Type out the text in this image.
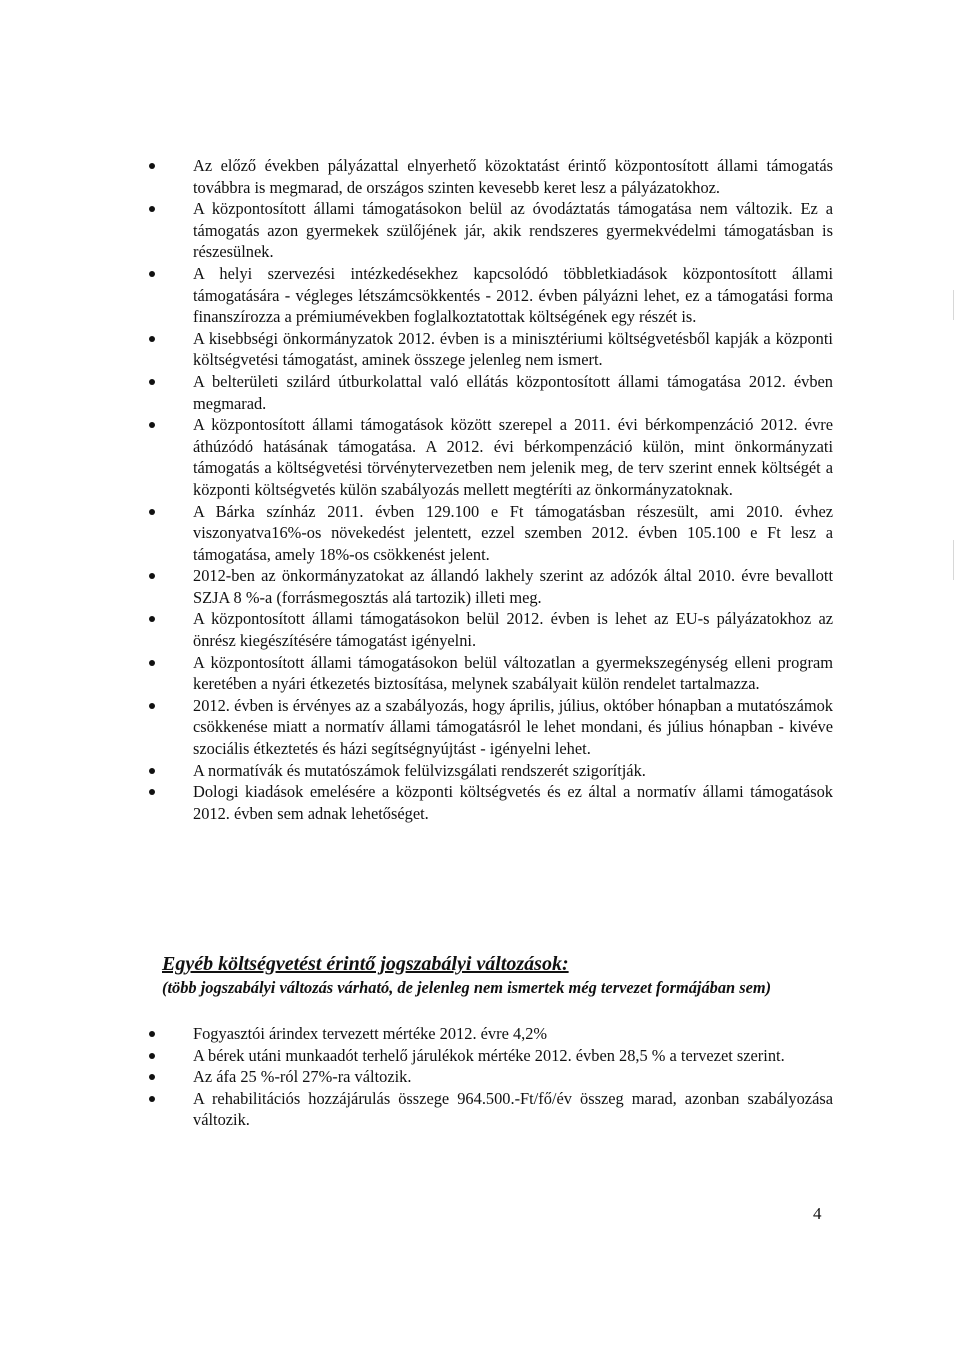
Az előző években pályázattal elnyerhető közoktatást érintő központosított állami támogatás továbbra is megmarad, de országos szinten kevesebb keret lesz a pályázatokhoz.
A központosított állami támogatásokon belül az óvodáztatás támogatása nem változik. Ez a támogatás azon gyermekek szülőjének jár, akik rendszeres gyermekvédelmi támogatásban is részesülnek.
A helyi szervezési intézkedésekhez kapcsolódó többletkiadások központosított állami támogatására - végleges létszámcsökkentés - 2012. évben pályázni lehet, ez a támogatási forma finanszírozza a prémiumévekben foglalkoztatottak költségének egy részét is.
A kisebbségi önkormányzatok 2012. évben is a minisztériumi költségvetésből kapják a központi költségvetési támogatást, aminek összege jelenleg nem ismert.
A belterületi szilárd útburkolattal való ellátás központosított állami támogatása 2012. évben megmarad.
A központosított állami támogatások között szerepel a 2011. évi bérkompenzáció 2012. évre áthúzódó hatásának támogatása. A 2012. évi bérkompenzáció külön, mint önkormányzati támogatás a költségvetési törvénytervezetben nem jelenik meg, de terv szerint ennek költségét a központi költségvetés külön szabályozás mellett megtéríti az önkormányzatoknak.
A Bárka színház 2011. évben 129.100 e Ft támogatásban részesült, ami 2010. évhez viszonyatva16%-os növekedést jelentett, ezzel szemben 2012. évben 105.100 e Ft lesz a támogatása, amely 18%-os csökkenést jelent.
2012-ben az önkormányzatokat az állandó lakhely szerint az adózók által 2010. évre bevallott SZJA 8 %-a (forrásmegosztás alá tartozik) illeti meg.
A központosított állami támogatásokon belül 2012. évben is lehet az EU-s pályázatokhoz az önrész kiegészítésére támogatást igényelni.
A központosított állami támogatásokon belül változatlan a gyermekszegénység elleni program keretében a nyári étkezetés biztosítása, melynek szabályait külön rendelet tartalmazza.
2012. évben is érvényes az a szabályozás, hogy április, július, október hónapban a mutatószámok csökkenése miatt a normatív állami támogatásról le lehet mondani, és július hónapban - kivéve szociális étkeztetés és házi segítségnyújtást - igényelni lehet.
A normatívák és mutatószámok felülvizsgálati rendszerét szigorítják.
Dologi kiadások emelésére a központi költségvetés és ez által a normatív állami támogatások 2012. évben sem adnak lehetőséget.
Egyéb költségvetést érintő jogszabályi változások:
(több jogszabályi változás várható, de jelenleg nem ismertek még tervezet formájában sem)
Fogyasztói árindex tervezett mértéke 2012. évre 4,2%
A bérek utáni munkaadót terhelő járulékok mértéke 2012. évben 28,5 % a tervezet szerint.
Az áfa 25 %-ról 27%-ra változik.
A rehabilitációs hozzájárulás összege 964.500.-Ft/fő/év összeg marad, azonban szabályozása változik.
4
